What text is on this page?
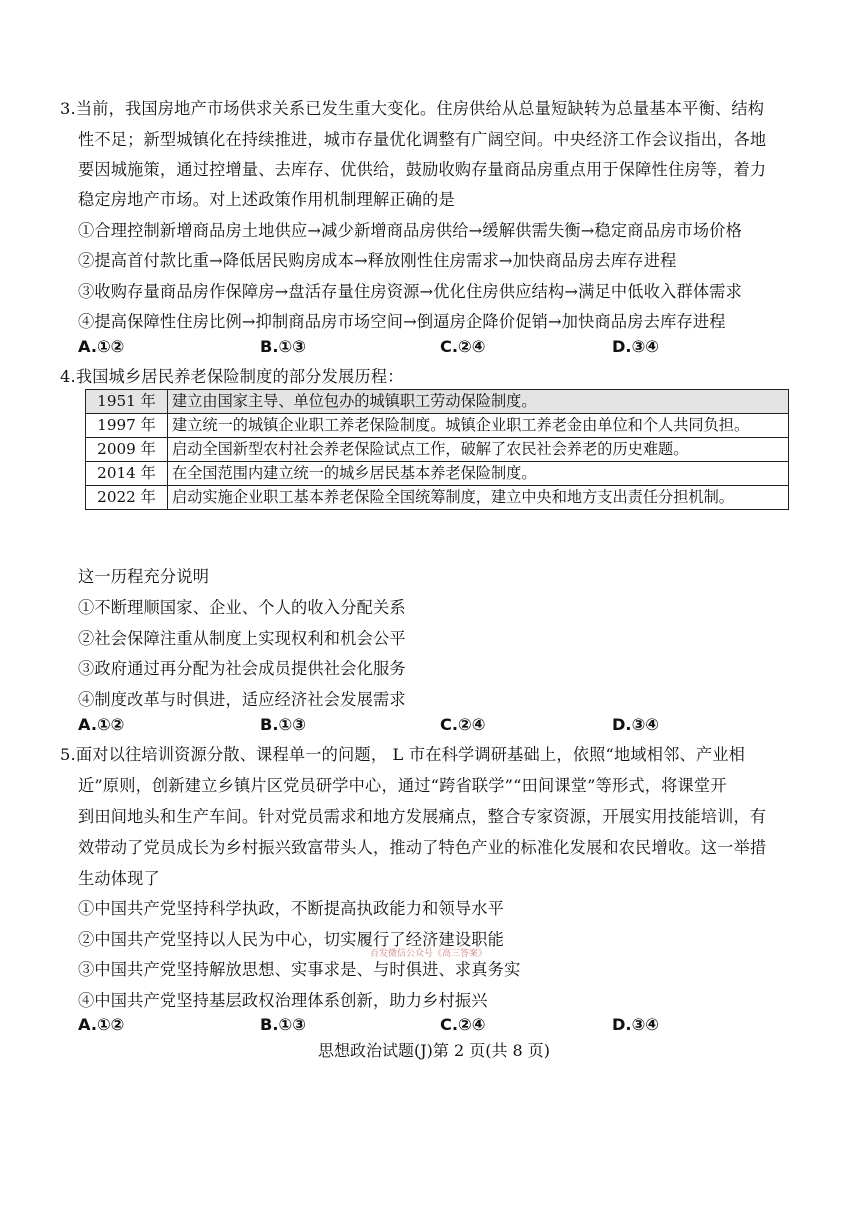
3.当前，我国房地产市场供求关系已发生重大变化。住房供给从总量短缺转为总量基本平衡、结构
性不足；新型城镇化在持续推进，城市存量优化调整有广阔空间。中央经济工作会议指出，各地
要因城施策，通过控增量、去库存、优供给，鼓励收购存量商品房重点用于保障性住房等，着力
稳定房地产市场。对上述政策作用机制理解正确的是
①合理控制新增商品房土地供应→减少新增商品房供给→缓解供需失衡→稳定商品房市场价格
②提高首付款比重→降低居民购房成本→释放刚性住房需求→加快商品房去库存进程
③收购存量商品房作保障房→盘活存量住房资源→优化住房供应结构→满足中低收入群体需求
④提高保障性住房比例→抑制商品房市场空间→倒逼房企降价促销→加快商品房去库存进程
A.①②	B.①③	C.②④	D.③④
4.我国城乡居民养老保险制度的部分发展历程：
1951 年	建立由国家主导、单位包办的城镇职工劳动保险制度。
1997 年	建立统一的城镇企业职工养老保险制度。城镇企业职工养老金由单位和个人共同负担。
2009 年	启动全国新型农村社会养老保险试点工作，破解了农民社会养老的历史难题。
2014 年	在全国范围内建立统一的城乡居民基本养老保险制度。
2022 年	启动实施企业职工基本养老保险全国统筹制度，建立中央和地方支出责任分担机制。
这一历程充分说明
①不断理顺国家、企业、个人的收入分配关系
②社会保障注重从制度上实现权利和机会公平
③政府通过再分配为社会成员提供社会化服务
④制度改革与时俱进，适应经济社会发展需求
A.①②	B.①③	C.②④	D.③④
5.面对以往培训资源分散、课程单一的问题， L 市在科学调研基础上，依照“地域相邻、产业相
近”原则，创新建立乡镇片区党员研学中心，通过“跨省联学”“田间课堂”等形式，将课堂开
到田间地头和生产车间。针对党员需求和地方发展痛点，整合专家资源，开展实用技能培训，有
效带动了党员成长为乡村振兴致富带头人，推动了特色产业的标准化发展和农民增收。这一举措
生动体现了
①中国共产党坚持科学执政，不断提高执政能力和领导水平
②中国共产党坚持以人民为中心，切实履行了经济建设职能
③中国共产党坚持解放思想、实事求是、与时俱进、求真务实
百发微信公众号《高三答案》
④中国共产党坚持基层政权治理体系创新，助力乡村振兴
A.①②	B.①③	C.②④	D.③④
思想政治试题(J)第 2 页(共 8 页)
